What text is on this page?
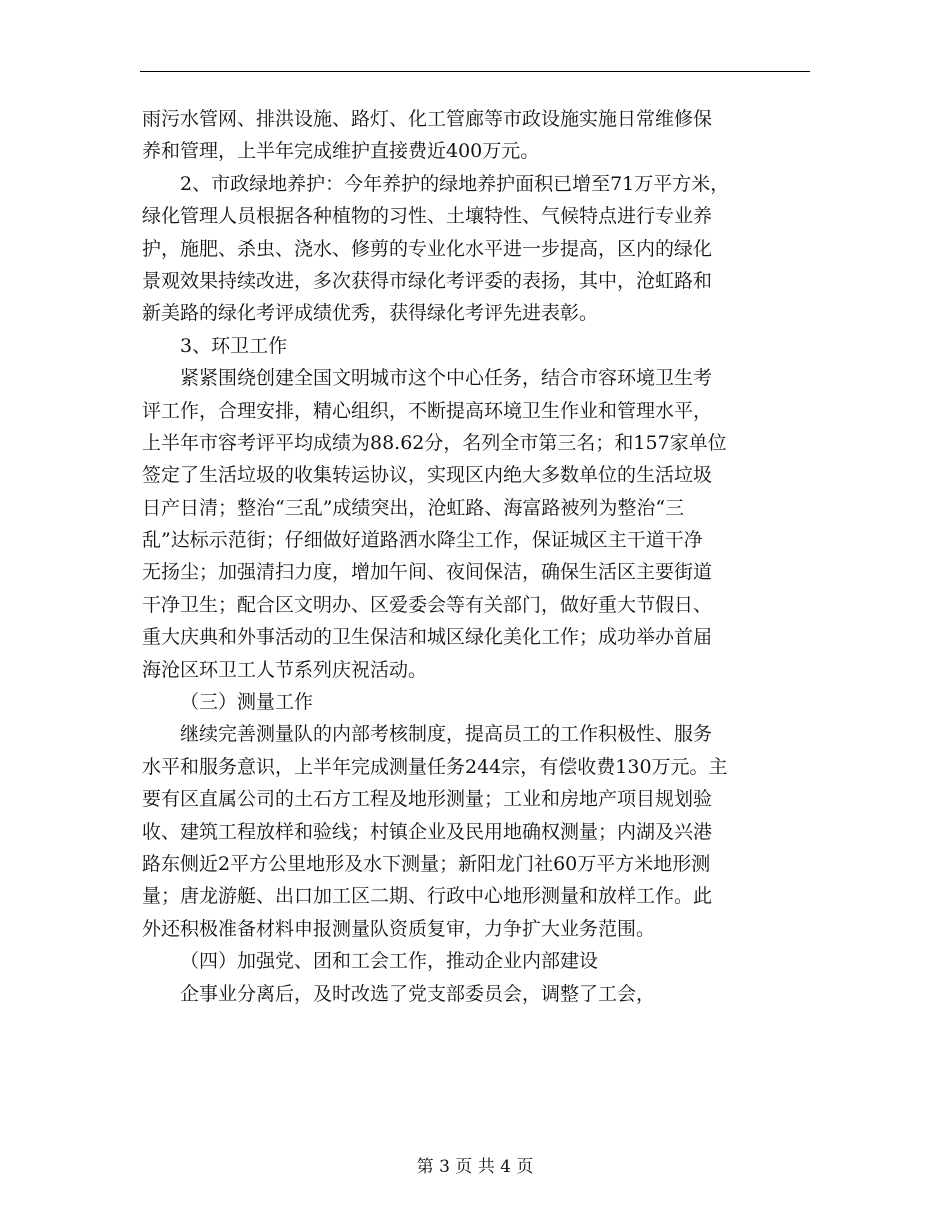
雨污水管网、排洪设施、路灯、化工管廊等市政设施实施日常维修保
养和管理，上半年完成维护直接费近400万元。
2、市政绿地养护：今年养护的绿地养护面积已增至71万平方米，
绿化管理人员根据各种植物的习性、土壤特性、气候特点进行专业养
护，施肥、杀虫、浇水、修剪的专业化水平进一步提高，区内的绿化
景观效果持续改进，多次获得市绿化考评委的表扬，其中，沧虹路和
新美路的绿化考评成绩优秀，获得绿化考评先进表彰。
3、环卫工作
紧紧围绕创建全国文明城市这个中心任务，结合市容环境卫生考
评工作，合理安排，精心组织，不断提高环境卫生作业和管理水平，
上半年市容考评平均成绩为88.62分，名列全市第三名；和157家单位
签定了生活垃圾的收集转运协议，实现区内绝大多数单位的生活垃圾
日产日清；整治“三乱”成绩突出，沧虹路、海富路被列为整治“三
乱”达标示范街；仔细做好道路洒水降尘工作，保证城区主干道干净
无扬尘；加强清扫力度，增加午间、夜间保洁，确保生活区主要街道
干净卫生；配合区文明办、区爱委会等有关部门，做好重大节假日、
重大庆典和外事活动的卫生保洁和城区绿化美化工作；成功举办首届
海沧区环卫工人节系列庆祝活动。
（三）测量工作
继续完善测量队的内部考核制度，提高员工的工作积极性、服务
水平和服务意识，上半年完成测量任务244宗，有偿收费130万元。主
要有区直属公司的土石方工程及地形测量；工业和房地产项目规划验
收、建筑工程放样和验线；村镇企业及民用地确权测量；内湖及兴港
路东侧近2平方公里地形及水下测量；新阳龙门社60万平方米地形测
量；唐龙游艇、出口加工区二期、行政中心地形测量和放样工作。此
外还积极准备材料申报测量队资质复审，力争扩大业务范围。
（四）加强党、团和工会工作，推动企业内部建设
企事业分离后，及时改选了党支部委员会，调整了工会，
第 3 页 共 4 页
